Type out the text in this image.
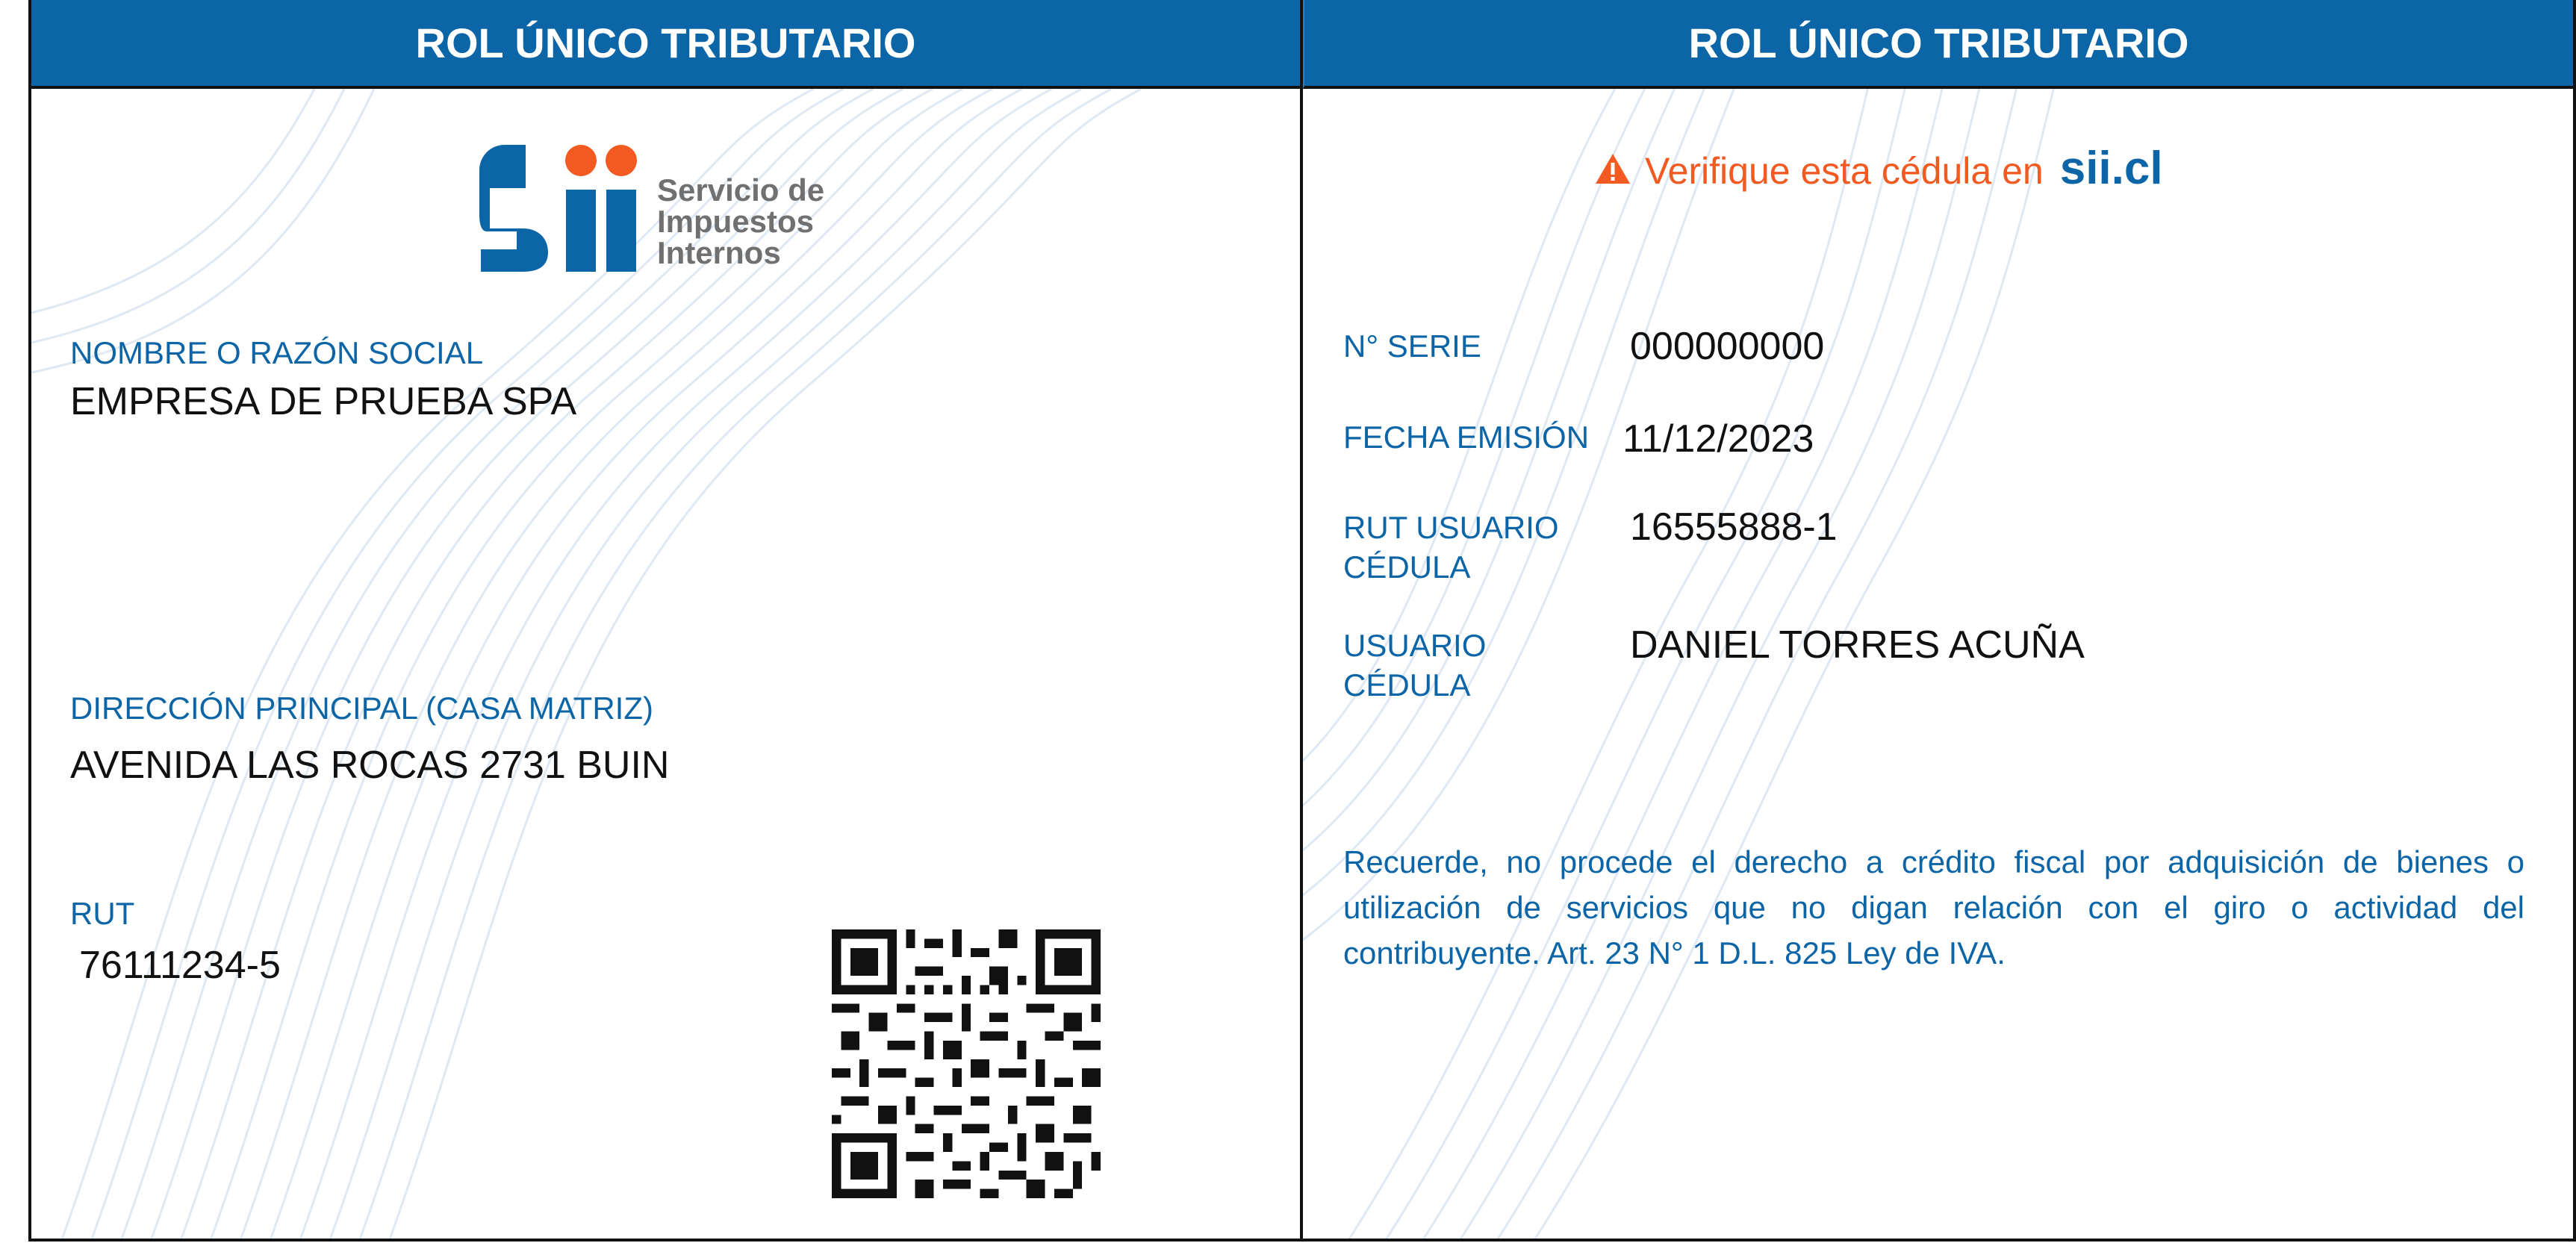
ROL ÚNICO TRIBUTARIO
Servicio de
Impuestos
Internos
NOMBRE O RAZÓN SOCIAL
EMPRESA DE PRUEBA SPA
DIRECCIÓN PRINCIPAL (CASA MATRIZ)
AVENIDA LAS ROCAS 2731 BUIN
RUT
76111234-5
ROL ÚNICO TRIBUTARIO
Verifique esta cédula en sii.cl
N° SERIE	000000000
FECHA EMISIÓN 11/12/2023
RUT USUARIO
CÉDULA
16555888-1
USUARIO
CÉDULA
DANIEL TORRES ACUÑA
Recuerde, no procede el derecho a crédito fiscal por adquisición de bienes o utilización de servicios que no digan relación con el giro o actividad del contribuyente. Art. 23 N° 1 D.L. 825 Ley de IVA.
